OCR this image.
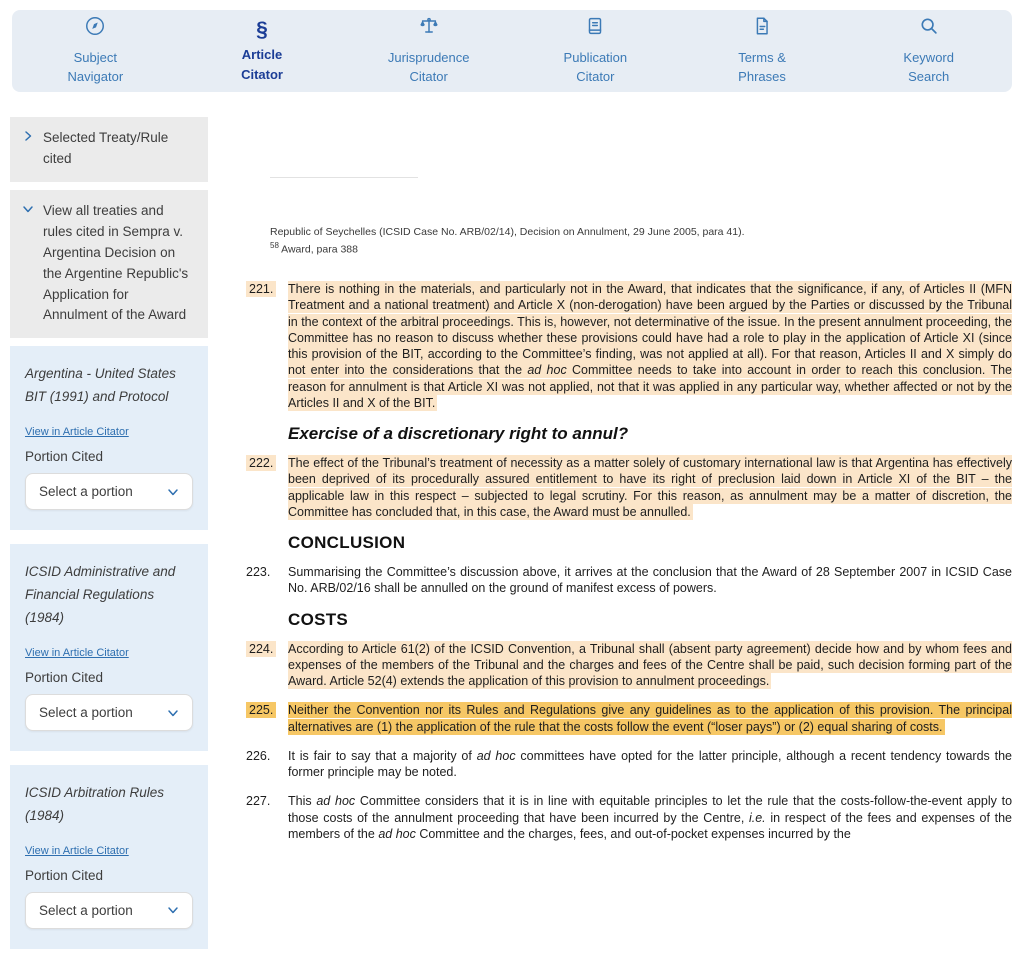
Subject
Navigator
§
Article
Citator
Jurisprudence
Citator
Publication
Citator
Terms &
Phrases
Keyword
Search
Selected Treaty/Rule cited
View all treaties and rules cited in Sempra v. Argentina Decision on the Argentine Republic's Application for Annulment of the Award
Argentina - United States BIT (1991) and Protocol
View in Article Citator
Portion Cited
Select a portion
ICSID Administrative and Financial Regulations (1984)
View in Article Citator
Portion Cited
Select a portion
ICSID Arbitration Rules (1984)
View in Article Citator
Portion Cited
Select a portion
Republic of Seychelles (ICSID Case No. ARB/02/14), Decision on Annulment, 29 June 2005, para 41).
$^{58}$ Award, para 388
221.	There is nothing in the materials, and particularly not in the Award, that indicates that the significance, if any, of Articles II (MFN Treatment and a national treatment) and Article X (non-derogation) have been argued by the Parties or discussed by the Tribunal in the context of the arbitral proceedings. This is, however, not determinative of the issue. In the present annulment proceeding, the Committee has no reason to discuss whether these provisions could have had a role to play in the application of Article XI (since this provision of the BIT, according to the Committee’s finding, was not applied at all). For that reason, Articles II and X simply do not enter into the considerations that the ad hoc Committee needs to take into account in order to reach this conclusion. The reason for annulment is that Article XI was not applied, not that it was applied in any particular way, whether affected or not by the Articles II and X of the BIT.
Exercise of a discretionary right to annul?
222.	The effect of the Tribunal’s treatment of necessity as a matter solely of customary international law is that Argentina has effectively been deprived of its procedurally assured entitlement to have its right of preclusion laid down in Article XI of the BIT – the applicable law in this respect – subjected to legal scrutiny. For this reason, as annulment may be a matter of discretion, the Committee has concluded that, in this case, the Award must be annulled.
CONCLUSION
223.	Summarising the Committee’s discussion above, it arrives at the conclusion that the Award of 28 September 2007 in ICSID Case No. ARB/02/16 shall be annulled on the ground of manifest excess of powers.
COSTS
224.	According to Article 61(2) of the ICSID Convention, a Tribunal shall (absent party agreement) decide how and by whom fees and expenses of the members of the Tribunal and the charges and fees of the Centre shall be paid, such decision forming part of the Award. Article 52(4) extends the application of this provision to annulment proceedings.
225.	Neither the Convention nor its Rules and Regulations give any guidelines as to the application of this provision. The principal alternatives are (1) the application of the rule that the costs follow the event (“loser pays”) or (2) equal sharing of costs.
226.	It is fair to say that a majority of ad hoc committees have opted for the latter principle, although a recent tendency towards the former principle may be noted.
227.	This ad hoc Committee considers that it is in line with equitable principles to let the rule that the costs-follow-the-event apply to those costs of the annulment proceeding that have been incurred by the Centre, i.e. in respect of the fees and expenses of the members of the ad hoc Committee and the charges, fees, and out-of-pocket expenses incurred by the
